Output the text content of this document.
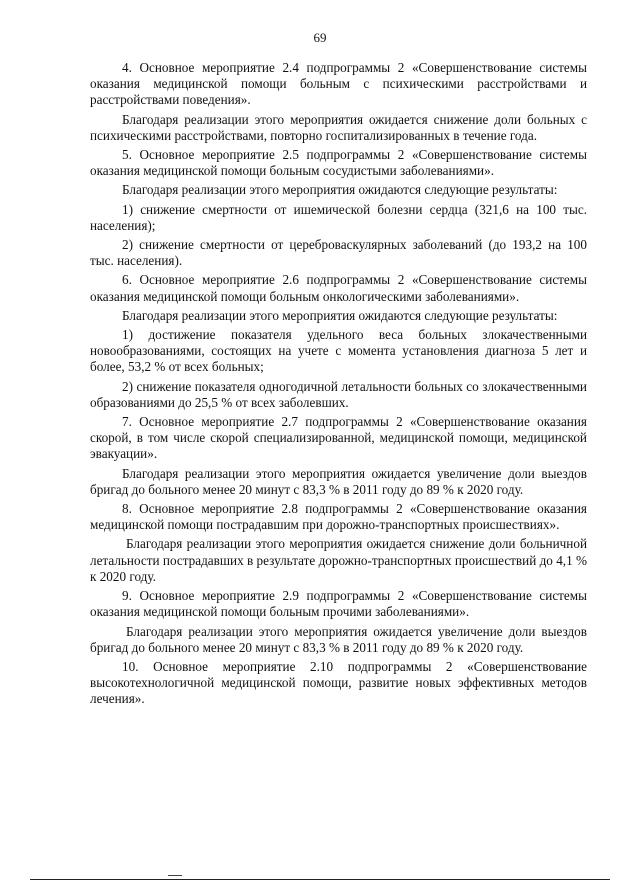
69

4. Основное мероприятие 2.4 подпрограммы 2 «Совершенствование системы оказания медицинской помощи больным с психическими расстройствами и расстройствами поведения».

Благодаря реализации этого мероприятия ожидается снижение доли больных с психическими расстройствами, повторно госпитализированных в течение года.

5. Основное мероприятие 2.5 подпрограммы 2 «Совершенствование системы оказания медицинской помощи больным сосудистыми заболеваниями».

Благодаря реализации этого мероприятия ожидаются следующие результаты:

1) снижение смертности от ишемической болезни сердца (321,6 на 100 тыс. населения);

2) снижение смертности от цереброваскулярных заболеваний (до 193,2 на 100 тыс. населения).

6. Основное мероприятие 2.6 подпрограммы 2 «Совершенствование системы оказания медицинской помощи больным онкологическими заболеваниями».

Благодаря реализации этого мероприятия ожидаются следующие результаты:

1) достижение показателя удельного веса больных злокачественными новообразованиями, состоящих на учете с момента установления диагноза 5 лет и более, 53,2 % от всех больных;

2) снижение показателя одногодичной летальности больных со злокачественными образованиями до 25,5 % от всех заболевших.

7. Основное мероприятие 2.7 подпрограммы 2 «Совершенствование оказания скорой, в том числе скорой специализированной, медицинской помощи, медицинской эвакуации».

Благодаря реализации этого мероприятия ожидается увеличение доли выездов бригад до больного менее 20 минут с 83,3 % в 2011 году до 89 % к 2020 году.

8. Основное мероприятие 2.8 подпрограммы 2 «Совершенствование оказания медицинской помощи пострадавшим при дорожно-транспортных происшествиях».

Благодаря реализации этого мероприятия ожидается снижение доли больничной летальности пострадавших в результате дорожно-транспортных происшествий до 4,1 % к 2020 году.

9. Основное мероприятие 2.9 подпрограммы 2 «Совершенствование системы оказания медицинской помощи больным прочими заболеваниями».

Благодаря реализации этого мероприятия ожидается увеличение доли выездов бригад до больного менее 20 минут с 83,3 % в 2011 году до 89 % к 2020 году.

10. Основное мероприятие 2.10 подпрограммы 2 «Совершенствование высокотехнологичной медицинской помощи, развитие новых эффективных методов лечения».
